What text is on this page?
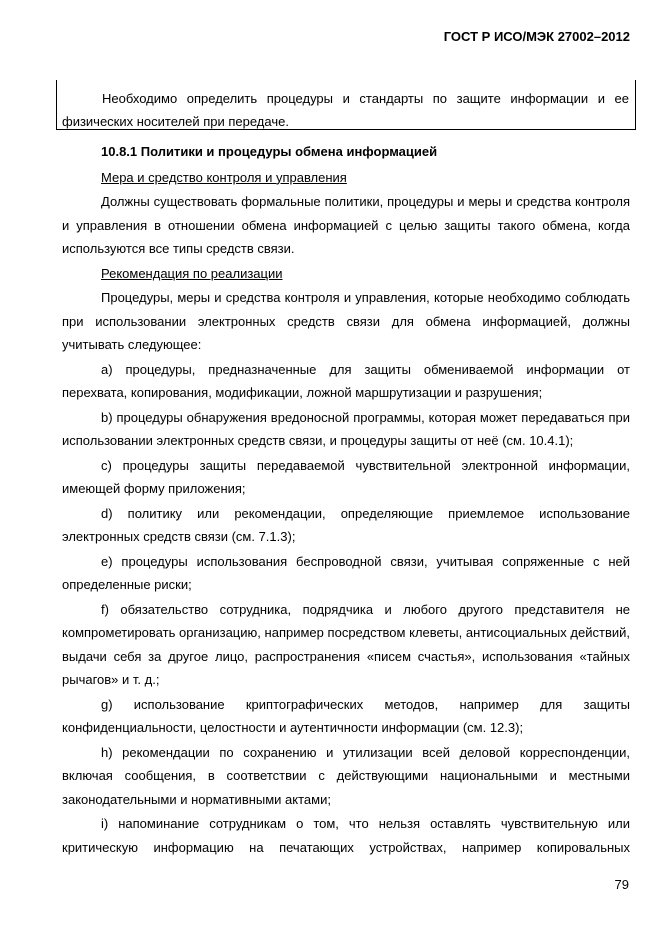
ГОСТ Р ИСО/МЭК 27002–2012

Необходимо определить процедуры и стандарты по защите информации и ее физических носителей при передаче.

10.8.1 Политики и процедуры обмена информацией

Мера и средство контроля и управления

Должны существовать формальные политики, процедуры и меры и средства контроля и управления в отношении обмена информацией с целью защиты такого обмена, когда используются все типы средств связи.

Рекомендация по реализации

Процедуры, меры и средства контроля и управления, которые необходимо соблюдать при использовании электронных средств связи для обмена информацией, должны учитывать следующее:

a) процедуры, предназначенные для защиты обмениваемой информации от перехвата, копирования, модификации, ложной маршрутизации и разрушения;

b) процедуры обнаружения вредоносной программы, которая может передаваться при использовании электронных средств связи, и процедуры защиты от неё (см. 10.4.1);

c) процедуры защиты передаваемой чувствительной электронной информации, имеющей форму приложения;

d) политику или рекомендации, определяющие приемлемое использование электронных средств связи (см. 7.1.3);

e) процедуры использования беспроводной связи, учитывая сопряженные с ней определенные риски;

f) обязательство сотрудника, подрядчика и любого другого представителя не компрометировать организацию, например посредством клеветы, антисоциальных действий, выдачи себя за другое лицо, распространения «писем счастья», использования «тайных рычагов» и т. д.;

g) использование криптографических методов, например для защиты конфиденциальности, целостности и аутентичности информации (см. 12.3);

h) рекомендации по сохранению и утилизации всей деловой корреспонденции, включая сообщения, в соответствии с действующими национальными и местными законодательными и нормативными актами;

i) напоминание сотрудникам о том, что нельзя оставлять чувствительную или критическую информацию на печатающих устройствах, например копировальных

79
